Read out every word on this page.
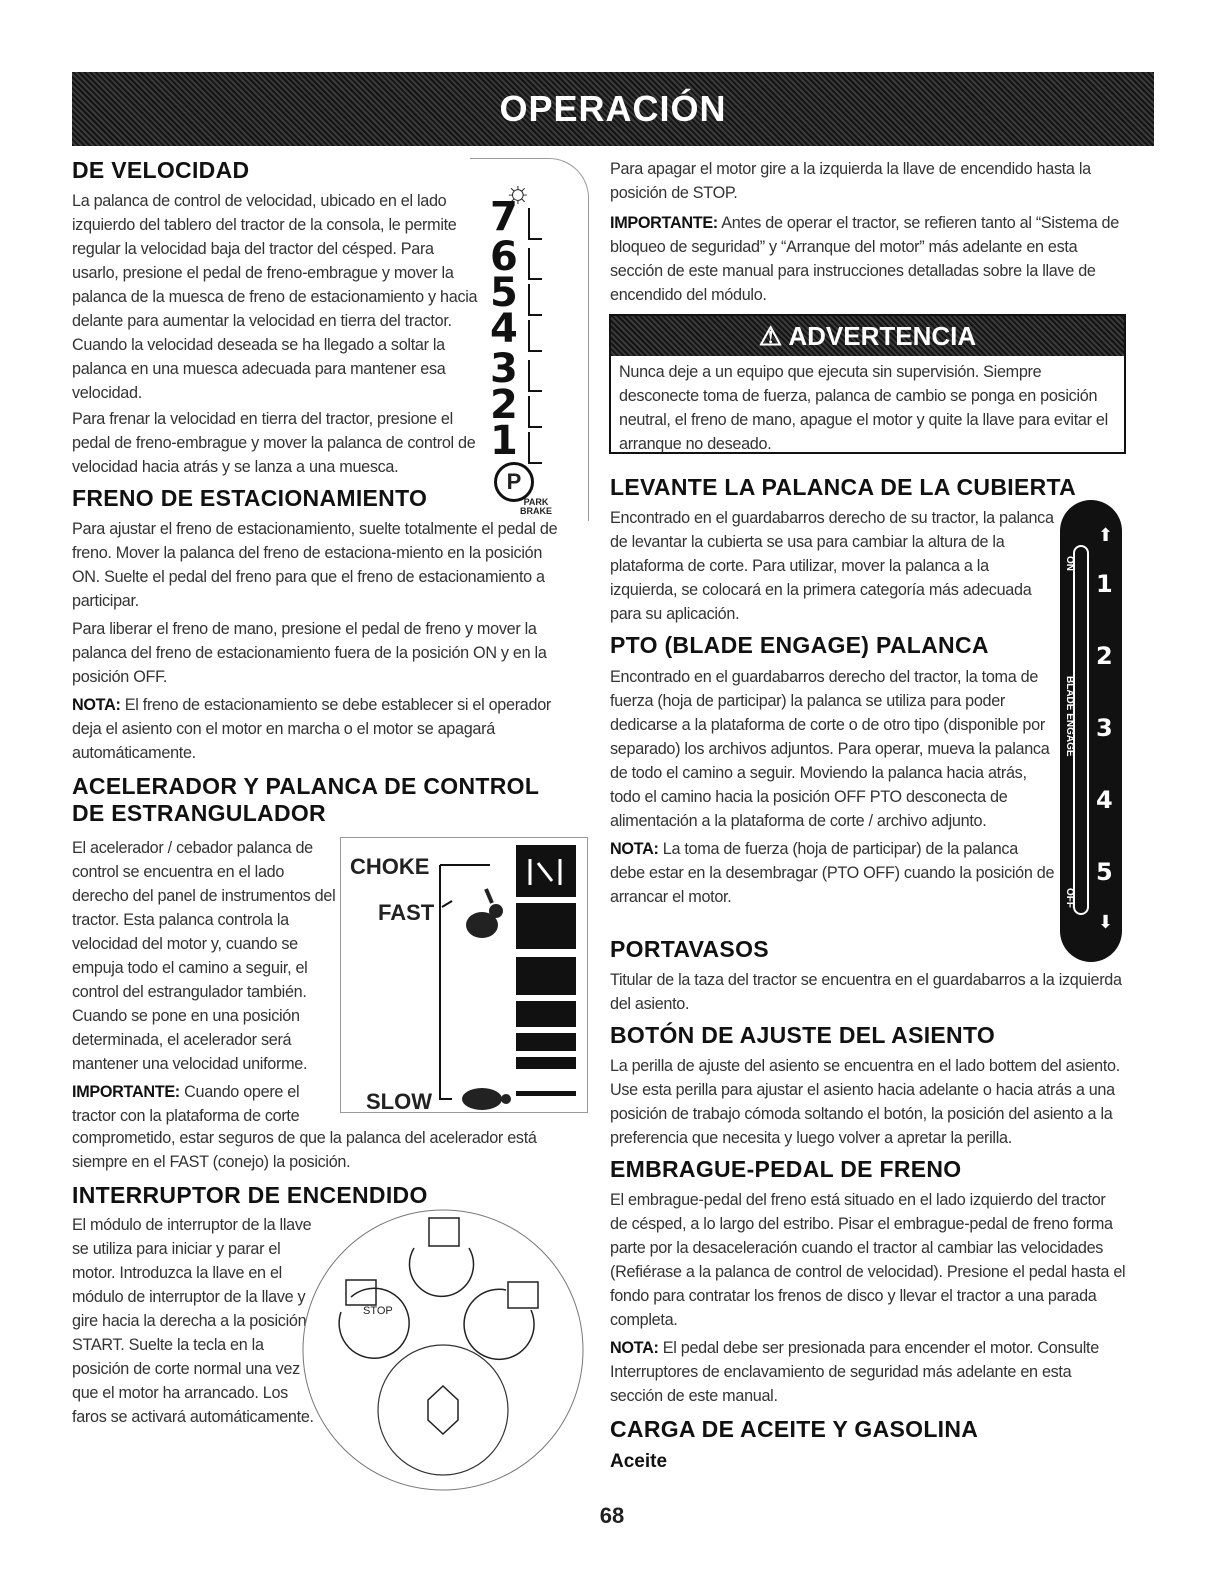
OPERACIÓN
DE VELOCIDAD

La palanca de control de velocidad, ubicado en el lado izquierdo del tablero del tractor de la consola, le permite regular la velocidad baja del tractor del césped. Para usarlo, presione el pedal de freno-embrague y mover la palanca de la muesca de freno de estacionamiento y hacia delante para aumentar la velocidad en tierra del tractor. Cuando la velocidad deseada se ha llegado a soltar la palanca en una muesca adecuada para mantener esa velocidad.

Para frenar la velocidad en tierra del tractor, presione el pedal de freno-embrague y mover la palanca de control de velocidad hacia atrás y se lanza a una muesca.

FRENO DE ESTACIONAMIENTO

Para ajustar el freno de estacionamiento, suelte totalmente el pedal de freno. Mover la palanca del freno de estaciona-miento en la posición ON. Suelte el pedal del freno para que el freno de estacionamiento a participar.

Para liberar el freno de mano, presione el pedal de freno y mover la palanca del freno de estacionamiento fuera de la posición ON y en la posición OFF.

NOTA: El freno de estacionamiento se debe establecer si el operador deja el asiento con el motor en marcha o el motor se apagará automáticamente.

ACELERADOR Y PALANCA DE CONTROL DE ESTRANGULADOR

El acelerador / cebador palanca de control se encuentra en el lado derecho del panel de instrumentos del tractor. Esta palanca controla la velocidad del motor y, cuando se empuja todo el camino a seguir, el control del estrangulador también. Cuando se pone en una posición determinada, el acelerador será mantener una velocidad uniforme.

IMPORTANTE: Cuando opere el tractor con la plataforma de corte

comprometido, estar seguros de que la palanca del acelerador está siempre en el FAST (conejo) la posición.

INTERRUPTOR DE ENCENDIDO

El módulo de interruptor de la llave se utiliza para iniciar y parar el motor. Introduzca la llave en el módulo de interruptor de la llave y gire hacia la derecha a la posición START. Suelte la tecla en la posición de corte normal una vez que el motor ha arrancado. Los faros se activará automáticamente.

☼
7
6
5
4
3
2
1
P
PARK
BRAKE
CHOKE
FAST
SLOW
STOP

Para apagar el motor gire a la izquierda la llave de encendido hasta la posición de STOP.

IMPORTANTE: Antes de operar el tractor, se refieren tanto al “Sistema de bloqueo de seguridad” y “Arranque del motor” más adelante en esta sección de este manual para instrucciones detalladas sobre la llave de encendido del módulo.

⚠ ADVERTENCIA

Nunca deje a un equipo que ejecuta sin supervisión. Siempre desconecte toma de fuerza, palanca de cambio se ponga en posición neutral, el freno de mano, apague el motor y quite la llave para evitar el arranque no deseado.

LEVANTE LA PALANCA DE LA CUBIERTA

Encontrado en el guardabarros derecho de su tractor, la palanca de levantar la cubierta se usa para cambiar la altura de la plataforma de corte. Para utilizar, mover la palanca a la izquierda, se colocará en la primera categoría más adecuada para su aplicación.

PTO (BLADE ENGAGE) PALANCA

Encontrado en el guardabarros derecho del tractor, la toma de fuerza (hoja de participar) la palanca se utiliza para poder dedicarse a la plataforma de corte o de otro tipo (disponible por separado) los archivos adjuntos. Para operar, mueva la palanca de todo el camino a seguir. Moviendo la palanca hacia atrás, todo el camino hacia la posición OFF PTO desconecta de alimentación a la plataforma de corte / archivo adjunto.

NOTA: La toma de fuerza (hoja de participar) de la palanca debe estar en la desembragar (PTO OFF) cuando la posición de arrancar el motor.

PORTAVASOS

Titular de la taza del tractor se encuentra en el guardabarros a la izquierda del asiento.

BOTÓN DE AJUSTE DEL ASIENTO

La perilla de ajuste del asiento se encuentra en el lado bottem del asiento. Use esta perilla para ajustar el asiento hacia adelante o hacia atrás a una posición de trabajo cómoda soltando el botón, la posición del asiento a la preferencia que necesita y luego volver a apretar la perilla.

EMBRAGUE-PEDAL DE FRENO

El embrague-pedal del freno está situado en el lado izquierdo del tractor de césped, a lo largo del estribo. Pisar el embrague-pedal de freno forma parte por la desaceleración cuando el tractor al cambiar las velocidades (Refiérase a la palanca de control de velocidad). Presione el pedal hasta el fondo para contratar los frenos de disco y llevar el tractor a una parada completa.

NOTA: El pedal debe ser presionada para encender el motor. Consulte Interruptores de enclavamiento de seguridad más adelante en esta sección de este manual.

CARGA DE ACEITE Y GASOLINA
Aceite
⬆
⬇
ON
BLADE ENGAGE
OFF
1
2
3
4
5
68
